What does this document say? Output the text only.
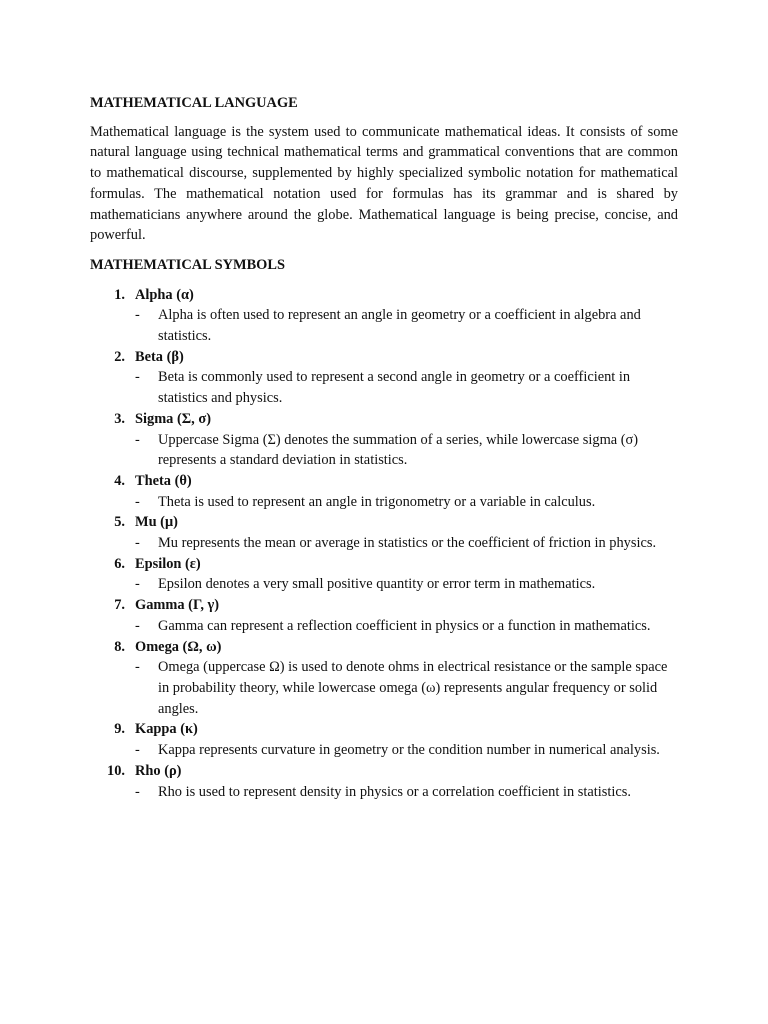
MATHEMATICAL LANGUAGE

Mathematical language is the system used to communicate mathematical ideas. It consists of some natural language using technical mathematical terms and grammatical conventions that are common to mathematical discourse, supplemented by highly specialized symbolic notation for mathematical formulas. The mathematical notation used for formulas has its grammar and is shared by mathematicians anywhere around the globe. Mathematical language is being precise, concise, and powerful.

MATHEMATICAL SYMBOLS

1. Alpha (α)
- Alpha is often used to represent an angle in geometry or a coefficient in algebra and statistics.
2. Beta (β)
- Beta is commonly used to represent a second angle in geometry or a coefficient in statistics and physics.
3. Sigma (Σ, σ)
- Uppercase Sigma (Σ) denotes the summation of a series, while lowercase sigma (σ) represents a standard deviation in statistics.
4. Theta (θ)
- Theta is used to represent an angle in trigonometry or a variable in calculus.
5. Mu (μ)
- Mu represents the mean or average in statistics or the coefficient of friction in physics.
6. Epsilon (ε)
- Epsilon denotes a very small positive quantity or error term in mathematics.
7. Gamma (Γ, γ)
- Gamma can represent a reflection coefficient in physics or a function in mathematics.
8. Omega (Ω, ω)
- Omega (uppercase Ω) is used to denote ohms in electrical resistance or the sample space in probability theory, while lowercase omega (ω) represents angular frequency or solid angles.
9. Kappa (κ)
- Kappa represents curvature in geometry or the condition number in numerical analysis.
10. Rho (ρ)
- Rho is used to represent density in physics or a correlation coefficient in statistics.
